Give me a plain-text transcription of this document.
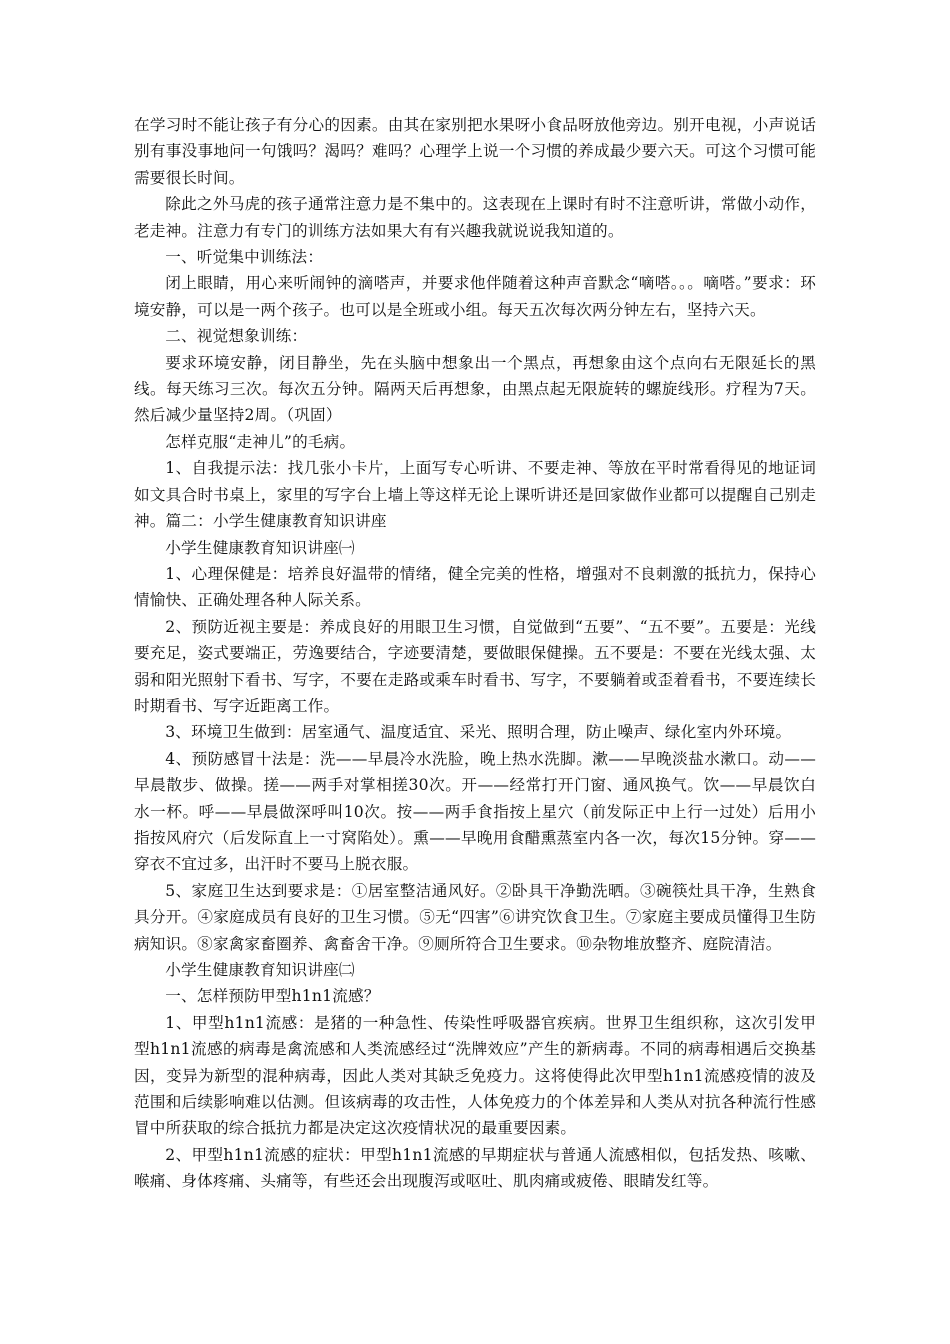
在学习时不能让孩子有分心的因素。由其在家别把水果呀小食品呀放他旁边。别开电视，小声说话别有事没事地问一句饿吗？渴吗？难吗？心理学上说一个习惯的养成最少要六天。可这个习惯可能需要很长时间。

除此之外马虎的孩子通常注意力是不集中的。这表现在上课时有时不注意听讲，常做小动作，老走神。注意力有专门的训练方法如果大有有兴趣我就说说我知道的。

一、听觉集中训练法：

闭上眼睛，用心来听闹钟的滴嗒声，并要求他伴随着这种声音默念“嘀嗒。。。嘀嗒。”要求：环境安静，可以是一两个孩子。也可以是全班或小组。每天五次每次两分钟左右，坚持六天。

二、视觉想象训练：

要求环境安静，闭目静坐，先在头脑中想象出一个黑点，再想象由这个点向右无限延长的黑线。每天练习三次。每次五分钟。隔两天后再想象，由黑点起无限旋转的螺旋线形。疗程为7天。然后减少量坚持2周。（巩固）

怎样克服“走神儿”的毛病。

1、自我提示法：找几张小卡片，上面写专心听讲、不要走神、等放在平时常看得见的地证词如文具合时书桌上，家里的写字台上墙上等这样无论上课听讲还是回家做作业都可以提醒自己别走神。篇二：小学生健康教育知识讲座

小学生健康教育知识讲座㈠

1、心理保健是：培养良好温带的情绪，健全完美的性格，增强对不良刺激的抵抗力，保持心情愉快、正确处理各种人际关系。

2、预防近视主要是：养成良好的用眼卫生习惯，自觉做到“五要”、“五不要”。五要是：光线要充足，姿式要端正，劳逸要结合，字迹要清楚，要做眼保健操。五不要是：不要在光线太强、太弱和阳光照射下看书、写字，不要在走路或乘车时看书、写字，不要躺着或歪着看书，不要连续长时期看书、写字近距离工作。

3、环境卫生做到：居室通气、温度适宜、采光、照明合理，防止噪声、绿化室内外环境。

4、预防感冒十法是：洗——早晨冷水洗脸，晚上热水洗脚。漱——早晚淡盐水漱口。动——早晨散步、做操。搓——两手对掌相搓30次。开——经常打开门窗、通风换气。饮——早晨饮白水一杯。呼——早晨做深呼叫10次。按——两手食指按上星穴（前发际正中上行一过处）后用小指按风府穴（后发际直上一寸窝陷处）。熏——早晚用食醋熏蒸室内各一次，每次15分钟。穿——穿衣不宜过多，出汗时不要马上脱衣服。

5、家庭卫生达到要求是：①居室整洁通风好。②卧具干净勤洗晒。③碗筷灶具干净，生熟食具分开。④家庭成员有良好的卫生习惯。⑤无“四害”⑥讲究饮食卫生。⑦家庭主要成员懂得卫生防病知识。⑧家禽家畜圈养、禽畜舍干净。⑨厕所符合卫生要求。⑩杂物堆放整齐、庭院清洁。

小学生健康教育知识讲座㈡

一、怎样预防甲型h1n1流感？

1、甲型h1n1流感：是猪的一种急性、传染性呼吸器官疾病。世界卫生组织称，这次引发甲型h1n1流感的病毒是禽流感和人类流感经过“洗牌效应”产生的新病毒。不同的病毒相遇后交换基因，变异为新型的混种病毒，因此人类对其缺乏免疫力。这将使得此次甲型h1n1流感疫情的波及范围和后续影响难以估测。但该病毒的攻击性，人体免疫力的个体差异和人类从对抗各种流行性感冒中所获取的综合抵抗力都是决定这次疫情状况的最重要因素。

2、甲型h1n1流感的症状：甲型h1n1流感的早期症状与普通人流感相似，包括发热、咳嗽、喉痛、身体疼痛、头痛等，有些还会出现腹泻或呕吐、肌肉痛或疲倦、眼睛发红等。
